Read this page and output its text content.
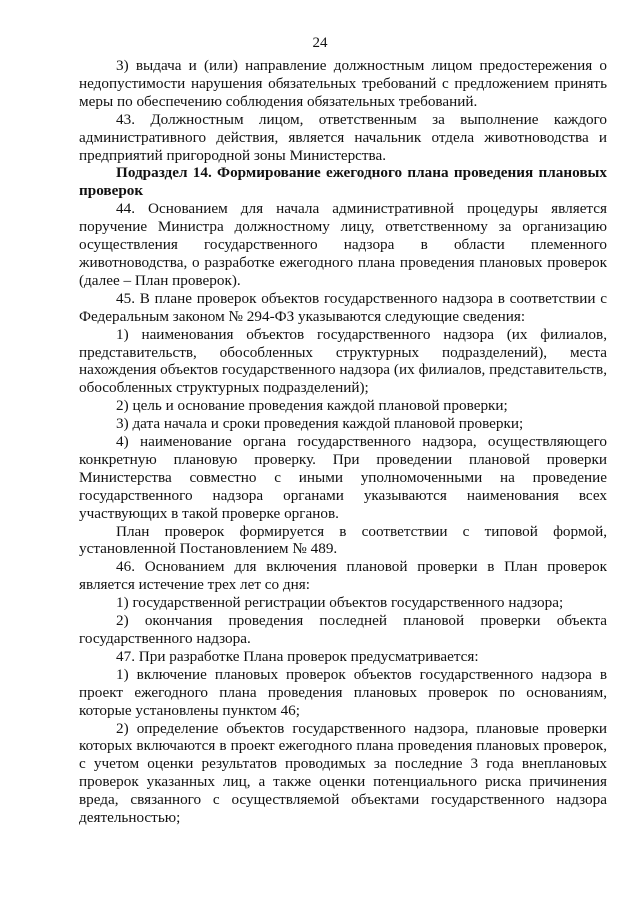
24

3) выдача и (или) направление должностным лицом предостережения о недопустимости нарушения обязательных требований с предложением принять меры по обеспечению соблюдения обязательных требований.

43. Должностным лицом, ответственным за выполнение каждого административного действия, является начальник отдела животноводства и предприятий пригородной зоны Министерства.

Подраздел 14. Формирование ежегодного плана проведения плановых проверок

44. Основанием для начала административной процедуры является поручение Министра должностному лицу, ответственному за организацию осуществления государственного надзора в области племенного животноводства, о разработке ежегодного плана проведения плановых проверок (далее – План проверок).

45. В плане проверок объектов государственного надзора в соответствии с Федеральным законом № 294-ФЗ указываются следующие сведения:

1) наименования объектов государственного надзора (их филиалов, представительств, обособленных структурных подразделений), места нахождения объектов государственного надзора (их филиалов, представительств, обособленных структурных подразделений);

2) цель и основание проведения каждой плановой проверки;

3) дата начала и сроки проведения каждой плановой проверки;

4) наименование органа государственного надзора, осуществляющего конкретную плановую проверку. При проведении плановой проверки Министерства совместно с иными уполномоченными на проведение государственного надзора органами указываются наименования всех участвующих в такой проверке органов.

План проверок формируется в соответствии с типовой формой, установленной Постановлением № 489.

46. Основанием для включения плановой проверки в План проверок является истечение трех лет со дня:

1) государственной регистрации объектов государственного надзора;

2) окончания проведения последней плановой проверки объекта государственного надзора.

47. При разработке Плана проверок предусматривается:

1) включение плановых проверок объектов государственного надзора в проект ежегодного плана проведения плановых проверок по основаниям, которые установлены пунктом 46;

2) определение объектов государственного надзора, плановые проверки которых включаются в проект ежегодного плана проведения плановых проверок, с учетом оценки результатов проводимых за последние 3 года внеплановых проверок указанных лиц, а также оценки потенциального риска причинения вреда, связанного с осуществляемой объектами государственного надзора деятельностью;
